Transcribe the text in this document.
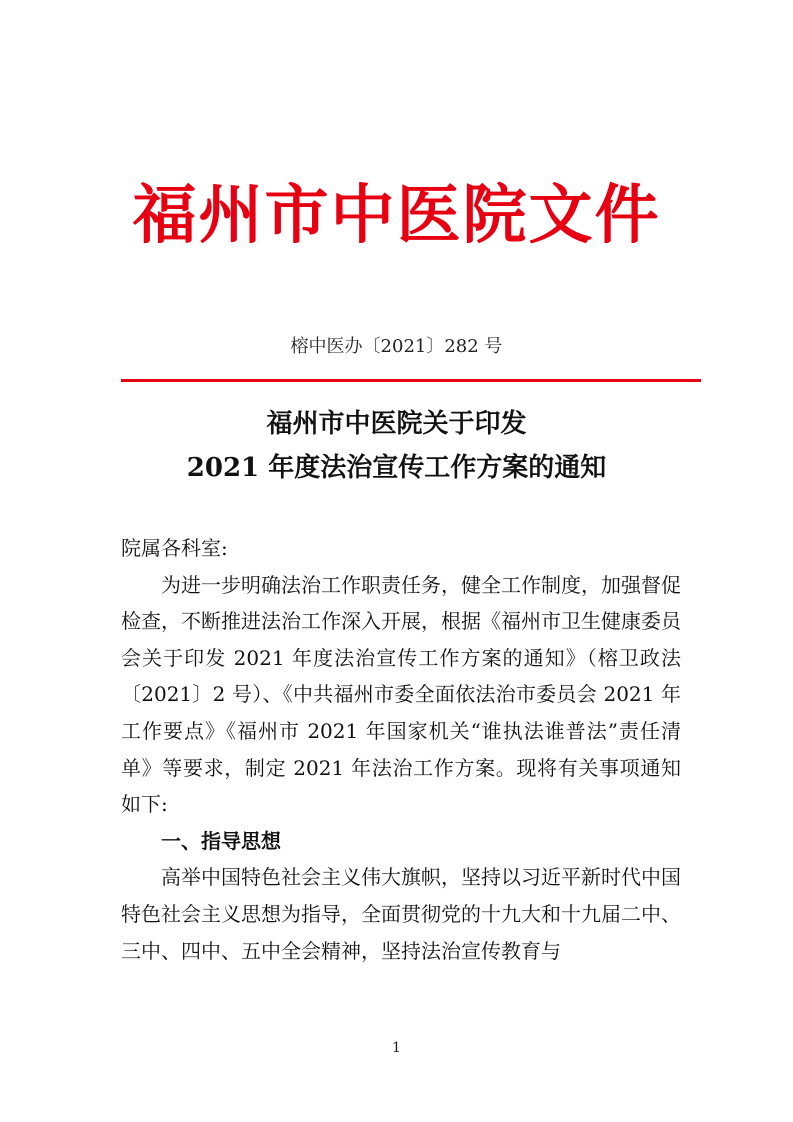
福州市中医院文件
榕中医办〔2021〕282 号
福州市中医院关于印发
2021 年度法治宣传工作方案的通知

院属各科室:

为进一步明确法治工作职责任务，健全工作制度，加强督促检查，不断推进法治工作深入开展，根据《福州市卫生健康委员会关于印发 2021 年度法治宣传工作方案的通知》（榕卫政法〔2021〕2 号）、《中共福州市委全面依法治市委员会 2021 年工作要点》《福州市 2021 年国家机关“谁执法谁普法”责任清单》等要求，制定 2021 年法治工作方案。现将有关事项通知如下:

一、指导思想

高举中国特色社会主义伟大旗帜，坚持以习近平新时代中国特色社会主义思想为指导，全面贯彻党的十九大和十九届二中、三中、四中、五中全会精神，坚持法治宣传教育与

1
